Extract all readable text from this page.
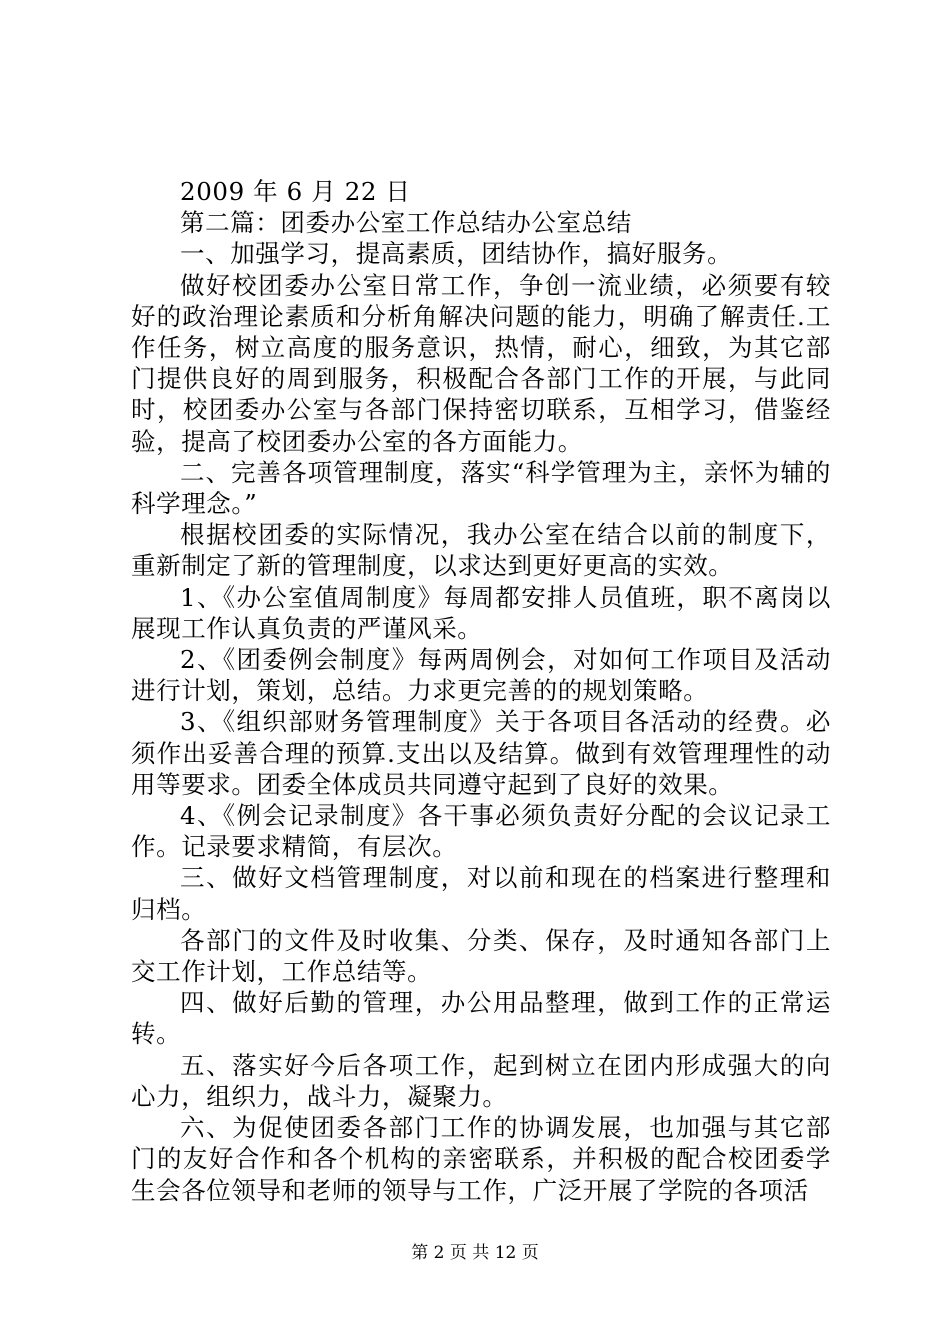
2009 年 6 月 22 日

第二篇：团委办公室工作总结办公室总结

一、加强学习，提高素质，团结协作，搞好服务。

做好校团委办公室日常工作，争创一流业绩，必须要有较好的政治理论素质和分析角解决问题的能力，明确了解责任.工作任务，树立高度的服务意识，热情，耐心，细致，为其它部门提供良好的周到服务，积极配合各部门工作的开展，与此同时，校团委办公室与各部门保持密切联系，互相学习，借鉴经验，提高了校团委办公室的各方面能力。

二、完善各项管理制度，落实“科学管理为主，亲怀为辅的科学理念。”

根据校团委的实际情况，我办公室在结合以前的制度下，重新制定了新的管理制度，以求达到更好更高的实效。

1、《办公室值周制度》每周都安排人员值班，职不离岗以展现工作认真负责的严谨风采。

2、《团委例会制度》每两周例会，对如何工作项目及活动进行计划，策划，总结。力求更完善的的规划策略。

3、《组织部财务管理制度》关于各项目各活动的经费。必须作出妥善合理的预算.支出以及结算。做到有效管理理性的动用等要求。团委全体成员共同遵守起到了良好的效果。

4、《例会记录制度》各干事必须负责好分配的会议记录工作。记录要求精简，有层次。

三、做好文档管理制度，对以前和现在的档案进行整理和归档。

各部门的文件及时收集、分类、保存，及时通知各部门上交工作计划，工作总结等。

四、做好后勤的管理，办公用品整理，做到工作的正常运转。

五、落实好今后各项工作，起到树立在团内形成强大的向心力，组织力，战斗力，凝聚力。

六、为促使团委各部门工作的协调发展，也加强与其它部门的友好合作和各个机构的亲密联系，并积极的配合校团委学生会各位领导和老师的领导与工作，广泛开展了学院的各项活

第 2 页 共 12 页
